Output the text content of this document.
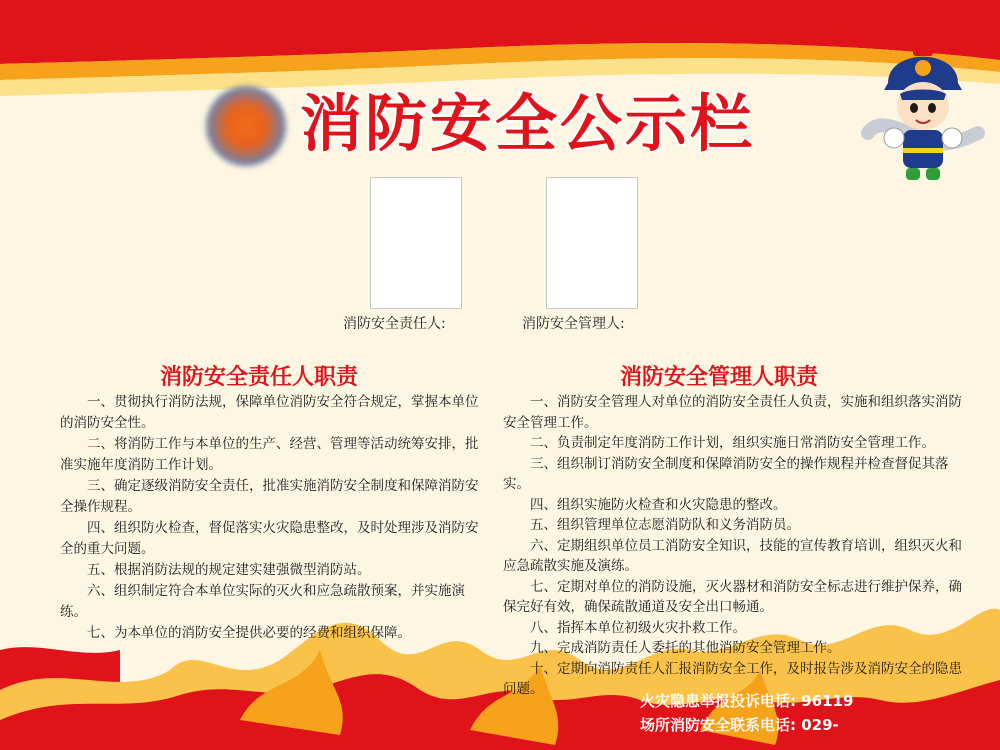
消防安全公示栏
消防安全责任人:	消防安全管理人:
消防安全责任人职责
一、贯彻执行消防法规，保障单位消防安全符合规定，掌握本单位的消防安全性。
二、将消防工作与本单位的生产、经营、管理等活动统筹安排，批准实施年度消防工作计划。
三、确定逐级消防安全责任，批准实施消防安全制度和保障消防安全操作规程。
四、组织防火检查，督促落实火灾隐患整改，及时处理涉及消防安全的重大问题。
五、根据消防法规的规定建实建强微型消防站。
六、组织制定符合本单位实际的灭火和应急疏散预案，并实施演练。
七、为本单位的消防安全提供必要的经费和组织保障。
消防安全管理人职责
一、消防安全管理人对单位的消防安全责任人负责，实施和组织落实消防安全管理工作。
二、负责制定年度消防工作计划，组织实施日常消防安全管理工作。
三、组织制订消防安全制度和保障消防安全的操作规程并检查督促其落实。
四、组织实施防火检查和火灾隐患的整改。
五、组织管理单位志愿消防队和义务消防员。
六、定期组织单位员工消防安全知识，技能的宣传教育培训，组织灭火和应急疏散实施及演练。
七、定期对单位的消防设施，灭火器材和消防安全标志进行维护保养，确保完好有效，确保疏散通道及安全出口畅通。
八、指挥本单位初级火灾扑救工作。
九、完成消防责任人委托的其他消防安全管理工作。
十、定期向消防责任人汇报消防安全工作，及时报告涉及消防安全的隐患问题。
火灾隐患举报投诉电话: 96119
场所消防安全联系电话: 029-
